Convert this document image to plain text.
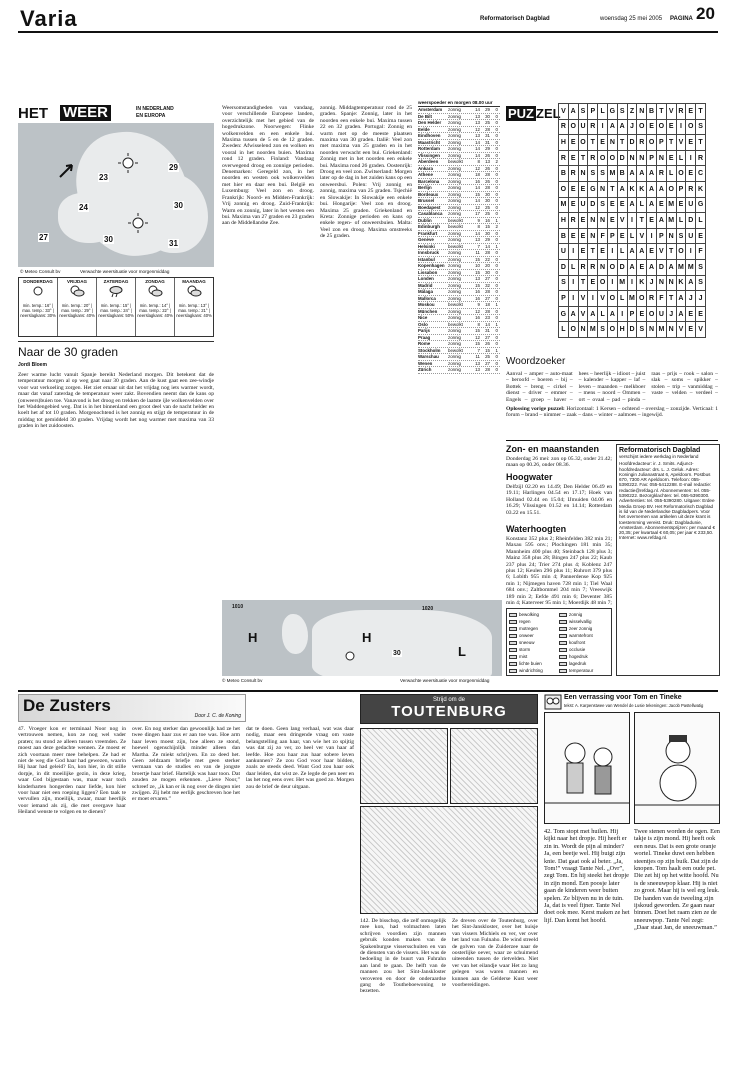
Varia	Reformatorisch Dagblad	woensdag 25 mei 2005 PAGINA 20
HET WEER	IN NEDERLAND
EN EUROPA
23
29
24	30
27	30	31
© Meteo Consult bv	Verwachte weersituatie voor morgenmiddag
DONDERDAG
min. temp.: 16° | max. temp.: 33° | neerslagkans: 30%
VRIJDAG
min. temp.: 20° | max. temp.: 29° | neerslagkans: 40%
ZATERDAG
min. temp.: 15° | max. temp.: 24° | neerslagkans: 50%
ZONDAG
min. temp.: 14° | max. temp.: 22° | neerslagkans: 40%
MAANDAG
min. temp.: 13° | max. temp.: 21° | neerslagkans: 40%
Naar de 30 graden
Jordi Bloem
Zeer warme lucht vanuit Spanje bereikt Nederland morgen. Dit betekent dat de temperatuur morgen al op weg gaat naar 30 graden. Aan de kust gaat een zee-windje voor wat verkoeling zorgen. Het ziet ernaar uit dat het vrijdag nog iets warmer wordt, maar dat vanaf zaterdag de temperatuur weer zakt. Bovendien neemt dan de kans op (onweers)buien toe. Vanavond is het droog en trekken de laatste ijle wolkenvelden over het Waddengebied weg. Dat is in het binnenland een groot deel van de nacht helder en koelt het af tot 10 graden. Morgenochtend is het zonnig en stijgt de temperatuur in de middag tot gemiddeld 30 graden. Vrijdag wordt het nog warmer met maxima van 33 graden in het zuidoosten.
Weersomstandigheden van vandaag, voor verschillende Europese landen, overzichtelijk met het gebied van de hogedrukzone. Noorwegen: Flinke wolkenvelden en een enkele bui. Maxima tussen de 5 en de 12 graden. Zweden: Afwisselend zon en wolken en vooral in het noorden buien. Maxima rond 12 graden. Finland: Vandaag overwegend droog en zonnige perioden. Denemarken: Geregeld zon, in het noorden en westen ook wolkenvelden met hier en daar een bui. België en Luxemburg: Veel zon en droog. Frankrijk: Noord- en Midden-Frankrijk: Vrij zonnig en droog. Zuid-Frankrijk: Warm en zonnig, later in het westen een bui. Maxima van 27 graden en 23 graden aan de Middellandse Zee.
zonnig. Middagtemperatuur rond de 25 graden. Spanje: Zonnig, later in het noorden een enkele bui. Maxima tussen 22 en 32 graden. Portugal: Zonnig en warm met op de meeste plaatsen maxima van 30 graden. Italië: Veel zon met maxima van 25 graden en in het noorden verwacht een bui. Griekenland: Zonnig met in het noorden een enkele bui. Maxima rond 26 graden. Oostenrijk: Droog en veel zon. Zwitserland: Morgen later op de dag in het zuiden kans op een onweersbui. Polen: Vrij zonnig en zonnig, maxima van 25 graden. Tsjechië en Slowakije: In Slowakije een enkele bui. Hongarije: Veel zon en droog. Maxima 25 graden. Griekenland en Kreta: Zonnige perioden en kans op enkele regen- of onweersbuien. Malta: Veel zon en droog. Maxima omstreeks de 25 graden.
weerspoeder en morgen 08.00 uur
Amsterdam	zonnig	14	29	0
De Bilt	zonnig	13	30	0
Den Helder	zonnig	13	25	0
Eelde	zonnig	12	28	0
Eindhoven	zonnig	13	31	0
Maastricht	zonnig	14	31	0
Rotterdam	zonnig	14	29	0
Vlissingen	zonnig	14	26	0
Aberdeen	bewolkt	8	13	2
Ankara	zonnig	12	26	0
Athene	zonnig	18	28	0
Barcelona	zonnig	16	26	0
Berlijn	zonnig	14	28	0
Bordeaux	zonnig	15	30	0
Brussel	zonnig	14	30	0
Boedapest	zonnig	12	25	0
Casablanca	zonnig	17	25	0
Dublin	bewolkt	9	16	1
Edinburgh	bewolkt	8	15	2
Frankfurt	zonnig	14	30	0
Genève	zonnig	13	29	0
Helsinki	bewolkt	7	14	1
Innsbruck	zonnig	11	28	0
Istanbul	zonnig	15	22	0
Kopenhagen zonnig	10	20	0
Lissabon	zonnig	15	30	0
Londen	zonnig	13	27	0
Madrid	zonnig	15	32	0
Málaga	zonnig	16	28	0
Mallorca	zonnig	16	27	0
Moskou	bewolkt	9	18	1
München	zonnig	12	28	0
Nice	zonnig	16	23	0
Oslo	bewolkt	8	14	1
Parijs	zonnig	15	31	0
Praag	zonnig	12	27	0
Rome	zonnig	15	26	0
Stockholm	bewolkt	7	15	1
Warschau	zonnig	11	25	0
Wenen	zonnig	13	27	0
Zürich	zonnig	13	28	0
PUZ ZEL V A S P L G S Z N B T V R E T
R O U R I A A J O E O E I O S
H E O T E N T D R O P T V E T
R E T R O O D N N P N E L I R
B R N S S M B A A A R L O E C
O E E G N T A K K A A O P R K
M E U D S E E A L A E M E U G
H R E N N E V I T E A M L D L
B E E N F P E L V I P N S U E
U I E T E I L A A E V T O I F
D L R R N O D A E A D A M M S
S I T E O I M I K J N N K A S
P I V I V O L M O R F T A J J
G A V A L A I P E O U J A E E
L O N M S O H D S N M N V E V
Woordzoeker
Aanval – amper – auto-maat – beroofd – boeren – bij – Bottek – breng – cirkel – dienst – driver – emmer – Engels – groep – haver – hees – heerlijk – idioot – juist – kalender – kapper – laf – leven – maanden – melkboer – mens – noord – Ommen – ort – ovaal – pad – pinda – raas – prijs – rook – salon – slak – soms – spikker – stolen – trip – vanmiddag – vaste – velden – verdeel –
Oplossing vorige puzzel: Horizontaal: 1 Kersen – ochtend – overslag – zonzijde. Verticaal: 1 forum – brand – nimmer – zaak – dans – winter – aalmoes – ingewijd.
Zon- en maanstanden
Donderdag 26 mei: zon op 05.32, onder 21.42; maan op 00.26, onder 08.36.
Hoogwater
Delfzijl 02.20 en 14.49; Den Helder 06.49 en 19.11; Harlingen 04.54 en 17.17; Hoek van Holland 02.44 en 15.04; IJmuiden 04.06 en 16.29; Vlissingen 01.52 en 14.14; Rotterdam 03.22 en 15.51.
Waterhoogten
Konstanz 352 plus 2; Rheinfelden 382 min 21; Maxau 595 onv.; Plochingen 181 min 35; Mannheim 400 plus 40; Steinbach 128 plus 3; Mainz 358 plus 28; Bingen 247 plus 22; Kaub 237 plus 24; Trier 274 plus 4; Koblenz 247 plus 12; Keulen 296 plus 11; Ruhrort 379 plus 6; Lobith 955 min 4; Pannerdense Kop 925 min 1; Nijmegen haven 728 min 1; Tiel Waal 684 onv.; Zaltbommel 204 min 7; Vreeswijk 189 min 2; Eefde 491 min 6; Deventer 385 min 4; Katerveer 95 min 1; Moerdijk 48 min 7;
Reformatorisch Dagblad
verschijnt iedere werkdag in Nederland
Hoofdredacteur: ir. J. Smits. Adjunct-hoofdredacteur: drs. L. J. Geluk. Adres: Koningin Julianastraat 6, Apeldoorn. Postbus 670, 7300 AR Apeldoorn. Telefoon: 055-5390222. Fax: 055-5412288. E-mail redactie: redactie@refdag.nl. Abonnementen: tel. 055-5390222. Bezorgklachten: tel. 055-5390300. Advertenties: tel. 055-5390280. Uitgave: Erdee Media Groep BV. Het Reformatorisch Dagblad is lid van de Nederlandse Dagbladpers. Voor het overnemen van artikelen uit deze krant is toestemming vereist. Druk: Dagbladunie, Amsterdam. Abonnementsprijzen: per maand € 20,35; per kwartaal € 60,05; per jaar € 233,50. Internet: www.refdag.nl.
bewolking
regen
motregen
onweer
sneeuw
storm
mist
lichte buien
windrichting
zonnig
wisselvallig
zeer zonnig
warmtefront
koufront
occlusie
hogedruk
lagedruk
temperatuur
H	H
L
1010	1020
30
© Meteo Consult bv	Verwachte weersituatie voor morgenmiddag
De Zusters
Door J. C. de Koning
47. Vroeger kon er terminaal Noor nog in vertrouwen nemen, kon ze nog wel vader praten; nu stond ze alleen tussen vreemden. Ze moest aan deze gedachte wennen. Ze moest er zich voortaan meer mee behelpen. Ze had er niet de weg die God haar had gewezen, waarin Hij haar had geleid? En, kon hier, in dit stille dorpje, in dit moeilijke gezin, in deze krieg, waar God bijgestaan was, maar waar toch kinderharten hongerden naar liefde, kon hier voor haar niet een roeping liggen? Een taak te vervullen zijn, moeilijk, zwaar, maar heerlijk voor iemand als zij, die met overgave haar Heiland wenste te volgen en te dienen?
over. En nog sterker dan gewoonlijk had ze het twee dingen haar zus er aan toe was. Hoe arm haar leven moest zijn, hoe alleen ze stond, hoewel ogenschijnlijk minder alleen dan Martha. Ze miekt schrijven. En zo deed het. Geen zeldzaam briefje met geen sterker vermaan van de studies en van de jongste broertje haar brief. Hartelijk was haar toon. Dat zouden ze mogen erkennen. „Lieve Noor,” schreef ze, „ik kan er ik nog over de dingen niet zwijgen. Zij hebt me eerlijk geschreven hoe het er moet ervaren.”
dat te doen. Geen lang verhaal, wat was daar nodig, maar een dringende vraag om vaste belangstelling aan haar, van wie het zo spijtig was dat zij zo ver, zo heel ver van haar af leefde. Hoe zou haar zus haar sobere leven aankunnen? Ze zou God voor haar bidden, zoals ze steeds deed. Want God zou haar ook daar leiden, dat wist ze. Ze legde de pen neer en las het nog eens over. Het was goed zo. Morgen zou de brief de deur uitgaan.
Strijd om de
TOUTENBURG
142. De bisschop, die zelf onmogelijk mee kon, had volmachten laten schrijven voordien zijn mannen gebruik konden maken van de Spakenburgse vissersschuiten en van de diensten van de vissers. Het was de bedoeling in de buurt van Fuhrahn aan land te gaan. De helft van de mannen zou het Sint-Janskloster veroveren en door de onderaardse gang de Toutheboewoning te bezetten.
Ze dreven over de Toutenburg, over het Sint-Janskloster, over het huisje van vissers Michiels en ver, ver over het land van Fulnaho. De wind streeld de golven van de Zuiderzee naar de oosterlijke oever, waar ze schuimend uiteenden tussen de rietvelden. Niet ver van het eilandje waar Het zo lang gelegen was waren mannen en kunnen aan de Gelderse Kust weer voorbereidingen.
Een verrassing voor Tom en Tineke
tekst: A. Karpenstwee van Wendel de Lusie tekeningen: Jacob Pastellwatig
42. Tom stopt met huilen. Hij kijkt naar het dropje. Hij heeft er zin in. Wordt de pijn al minder? Ja, een beetje wel. Hij buigt zijn knie. Dat gaat ook al beter. „Ja, Tom!” vraagt Tante Nel. „Ovr”, zegt Tom. En hij steekt het dropje in zijn mond. Een poosje later gaan de kinderen weer buiten spelen. Ze blijven nu in de tuin. Ja, dat is veel fijner. Tante Nel doet ook mee. Kerst maken ze het lijf. Dan komt het hoofd.
Twee stenen worden de ogen. Een takje is zijn mond. Hij heeft ook een neus. Dat is een grote oranje wortel. Tineke duwt een hebben steentjes op zijn buik. Dat zijn de knopen. Tom haalt een oude pet. Die zet hij op het witte hoofd. Nu is de sneeuwpop klaar. Hij is niet zo groot. Maar hij is wel erg leuk. De handen van de tweeling zijn ijskoud geworden. Ze gaan naar binnen. Doet het raam zien ze de sneeuwpop. Tante Nel zegt: „Daar staat Jan, de sneeuwman.”
